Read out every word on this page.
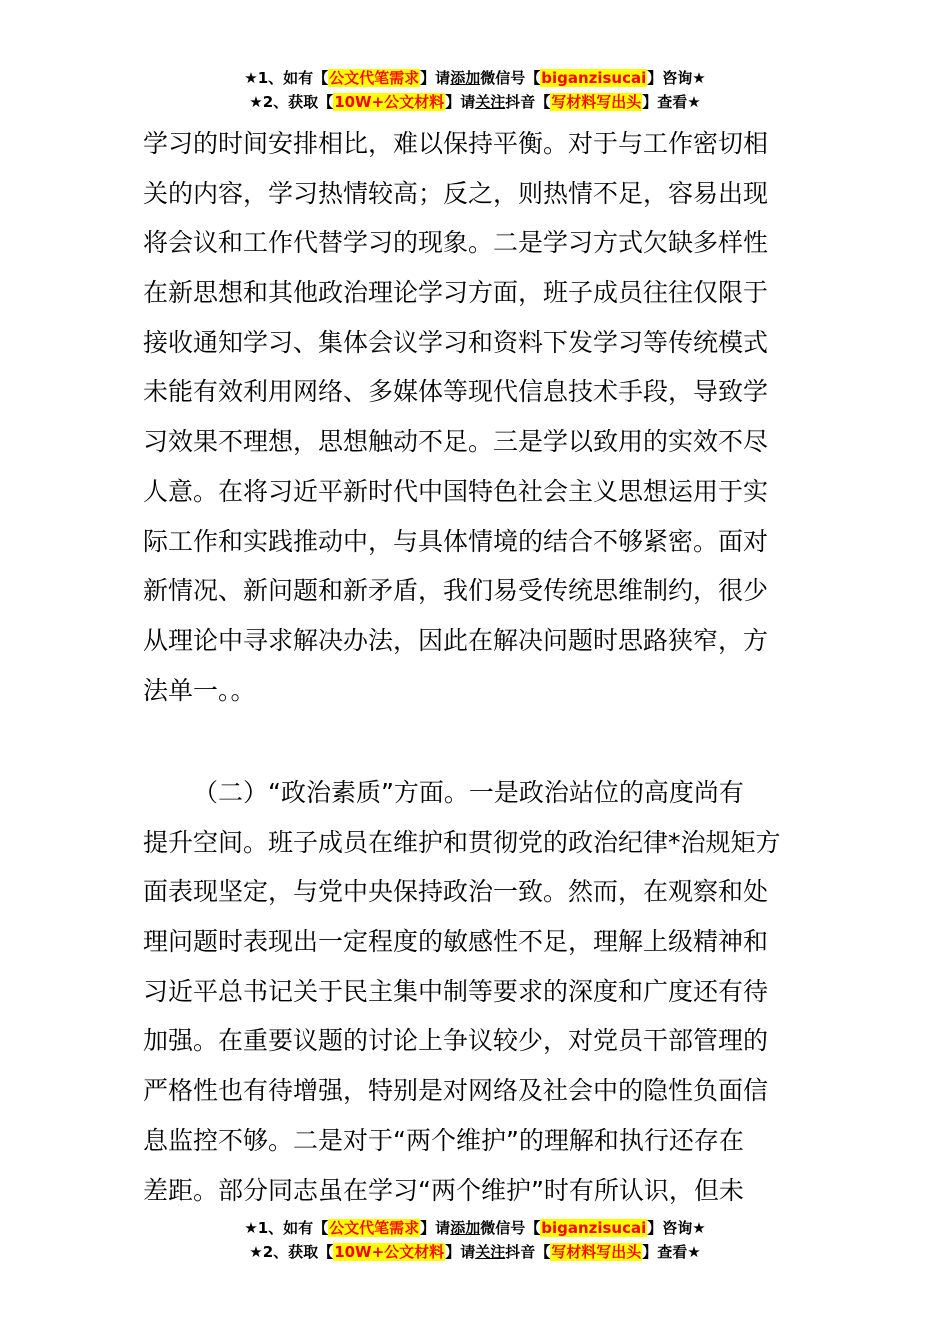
★1、如有【公文代笔需求】请添加微信号【biganzisucai】咨询★
★2、获取【10W+公文材料】请关注抖音【写材料写出头】查看★
学习的时间安排相比，难以保持平衡。对于与工作密切相
关的内容，学习热情较高；反之，则热情不足，容易出现
将会议和工作代替学习的现象。二是学习方式欠缺多样性
在新思想和其他政治理论学习方面，班子成员往往仅限于
接收通知学习、集体会议学习和资料下发学习等传统模式
未能有效利用网络、多媒体等现代信息技术手段，导致学
习效果不理想，思想触动不足。三是学以致用的实效不尽
人意。在将习近平新时代中国特色社会主义思想运用于实
际工作和实践推动中，与具体情境的结合不够紧密。面对
新情况、新问题和新矛盾，我们易受传统思维制约，很少
从理论中寻求解决办法，因此在解决问题时思路狭窄，方
法单一。。
（二）“政治素质”方面。一是政治站位的高度尚有
提升空间。班子成员在维护和贯彻党的政治纪律*治规矩方
面表现坚定，与党中央保持政治一致。然而，在观察和处
理问题时表现出一定程度的敏感性不足，理解上级精神和
习近平总书记关于民主集中制等要求的深度和广度还有待
加强。在重要议题的讨论上争议较少，对党员干部管理的
严格性也有待增强，特别是对网络及社会中的隐性负面信
息监控不够。二是对于“两个维护”的理解和执行还存在
差距。部分同志虽在学习“两个维护”时有所认识，但未
★1、如有【公文代笔需求】请添加微信号【biganzisucai】咨询★
★2、获取【10W+公文材料】请关注抖音【写材料写出头】查看★
